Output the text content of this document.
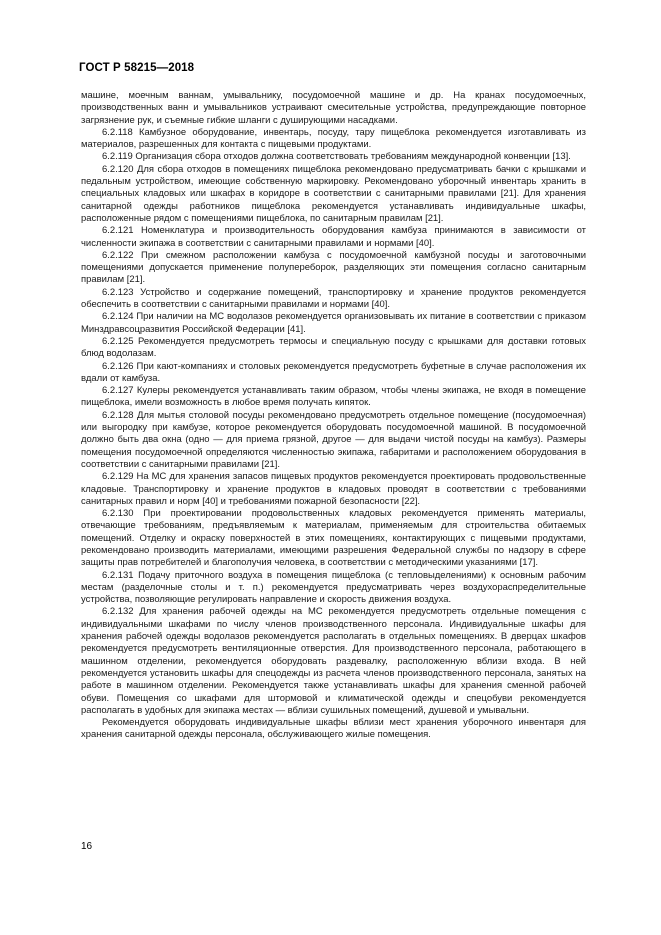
ГОСТ Р 58215—2018

машине, моечным ваннам, умывальнику, посудомоечной машине и др. На кранах посудомоечных, производственных ванн и умывальников устраивают смесительные устройства, предупреждающие повторное загрязнение рук, и съемные гибкие шланги с душирующими насадками.

6.2.118 Камбузное оборудование, инвентарь, посуду, тару пищеблока рекомендуется изготавливать из материалов, разрешенных для контакта с пищевыми продуктами.

6.2.119 Организация сбора отходов должна соответствовать требованиям международной конвенции [13].

6.2.120 Для сбора отходов в помещениях пищеблока рекомендовано предусматривать бачки с крышками и педальным устройством, имеющие собственную маркировку. Рекомендовано уборочный инвентарь хранить в специальных кладовых или шкафах в коридоре в соответствии с санитарными правилами [21]. Для хранения санитарной одежды работников пищеблока рекомендуется устанавливать индивидуальные шкафы, расположенные рядом с помещениями пищеблока, по санитарным правилам [21].

6.2.121 Номенклатура и производительность оборудования камбуза принимаются в зависимости от численности экипажа в соответствии с санитарными правилами и нормами [40].

6.2.122 При смежном расположении камбуза с посудомоечной камбузной посуды и заготовочными помещениями допускается применение полупереборок, разделяющих эти помещения согласно санитарным правилам [21].

6.2.123 Устройство и содержание помещений, транспортировку и хранение продуктов рекомендуется обеспечить в соответствии с санитарными правилами и нормами [40].

6.2.124 При наличии на МС водолазов рекомендуется организовывать их питание в соответствии с приказом Минздравсоцразвития Российской Федерации [41].

6.2.125 Рекомендуется предусмотреть термосы и специальную посуду с крышками для доставки готовых блюд водолазам.

6.2.126 При кают-компаниях и столовых рекомендуется предусмотреть буфетные в случае расположения их вдали от камбуза.

6.2.127 Кулеры рекомендуется устанавливать таким образом, чтобы члены экипажа, не входя в помещение пищеблока, имели возможность в любое время получать кипяток.

6.2.128 Для мытья столовой посуды рекомендовано предусмотреть отдельное помещение (посудомоечная) или выгородку при камбузе, которое рекомендуется оборудовать посудомоечной машиной. В посудомоечной должно быть два окна (одно — для приема грязной, другое — для выдачи чистой посуды на камбуз). Размеры помещения посудомоечной определяются численностью экипажа, габаритами и расположением оборудования в соответствии с санитарными правилами [21].

6.2.129 На МС для хранения запасов пищевых продуктов рекомендуется проектировать продовольственные кладовые. Транспортировку и хранение продуктов в кладовых проводят в соответствии с требованиями санитарных правил и норм [40] и требованиями пожарной безопасности [22].

6.2.130 При проектировании продовольственных кладовых рекомендуется применять материалы, отвечающие требованиям, предъявляемым к материалам, применяемым для строительства обитаемых помещений. Отделку и окраску поверхностей в этих помещениях, контактирующих с пищевыми продуктами, рекомендовано производить материалами, имеющими разрешения Федеральной службы по надзору в сфере защиты прав потребителей и благополучия человека, в соответствии с методическими указаниями [17].

6.2.131 Подачу приточного воздуха в помещения пищеблока (с тепловыделениями) к основным рабочим местам (разделочные столы и т. п.) рекомендуется предусматривать через воздухораспределительные устройства, позволяющие регулировать направление и скорость движения воздуха.

6.2.132 Для хранения рабочей одежды на МС рекомендуется предусмотреть отдельные помещения с индивидуальными шкафами по числу членов производственного персонала. Индивидуальные шкафы для хранения рабочей одежды водолазов рекомендуется располагать в отдельных помещениях. В дверцах шкафов рекомендуется предусмотреть вентиляционные отверстия. Для производственного персонала, работающего в машинном отделении, рекомендуется оборудовать раздевалку, расположенную вблизи входа. В ней рекомендуется установить шкафы для спецодежды из расчета членов производственного персонала, занятых на работе в машинном отделении. Рекомендуется также устанавливать шкафы для хранения сменной рабочей обуви. Помещения со шкафами для штормовой и климатической одежды и спецобуви рекомендуется располагать в удобных для экипажа местах — вблизи сушильных помещений, душевой и умывальни.

Рекомендуется оборудовать индивидуальные шкафы вблизи мест хранения уборочного инвентаря для хранения санитарной одежды персонала, обслуживающего жилые помещения.

16
